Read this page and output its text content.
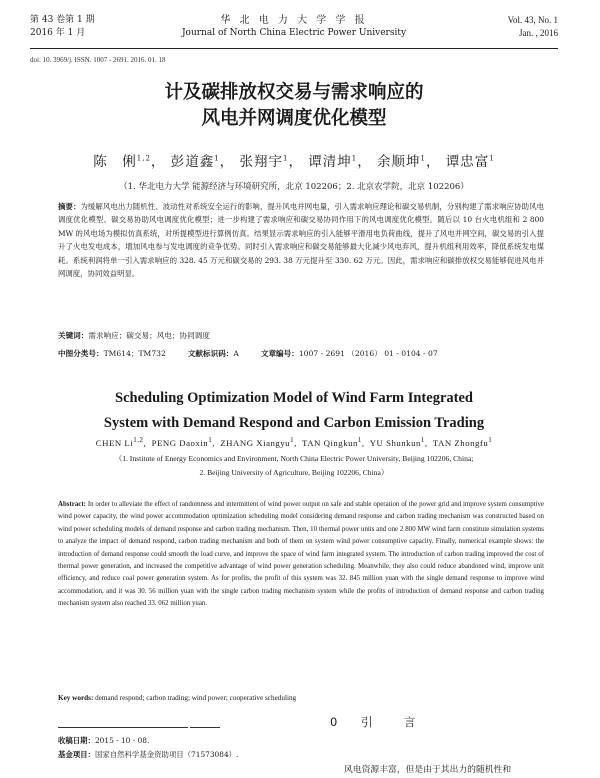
第 43 卷第 1 期
2016 年 1 月
华 北 电 力 大 学 学 报
Journal of North China Electric Power University
Vol. 43, No. 1
Jan. , 2016
doi: 10. 3969/j. ISSN. 1007 - 2691. 2016. 01. 18
计及碳排放权交易与需求响应的
风电并网调度优化模型
陈　俐$^{1,2}$， 彭道鑫$^1$， 张翔宇$^1$， 谭清坤$^1$， 余顺坤$^1$， 谭忠富$^1$
（1. 华北电力大学 能源经济与环境研究所，北京 102206；2. 北京农学院，北京 102206）
摘要：为缓解风电出力随机性、波动性对系统安全运行的影响，提升风电并网电量，引入需求响应理论和碳交易机制，分别构建了需求响应协助风电调度优化模型、碳交易协助风电调度优化模型；进一步构建了需求响应和碳交易协同作用下的风电调度优化模型。随后以 10 台火电机组和 2 800 MW 的风电场为模拟仿真系统，对所提模型进行算例仿真。结果显示需求响应的引入能够平滑用电负荷曲线，提升了风电并网空间，碳交易的引入提升了火电发电成本，增加风电参与发电调度的竞争优势。同时引入需求响应和碳交易能够最大化减少风电弃风，提升机组利用效率，降低系统发电煤耗。系统利润将单一引入需求响应的 328. 45 万元和碳交易的 293. 38 万元提升至 330. 62 万元。因此，需求响应和碳排放权交易能够促进风电并网调度，协同效益明显。
关键词：需求响应；碳交易；风电；协同调度
中图分类号：TM614；TM732	文献标识码：A	文章编号：1007 - 2691 （2016） 01 - 0104 - 07
Scheduling Optimization Model of Wind Farm Integrated
System with Demand Respond and Carbon Emission Trading
CHEN Li$^{1,2}$,  PENG Daoxin$^1$,  ZHANG Xiangyu$^1$,  TAN Qingkun$^1$,  YU Shunkun$^1$,  TAN Zhongfu$^1$
（1. Institute of Energy Economics and Environment, North China Electric Power University, Beijing 102206, China;
2. Beijing University of Agriculture, Beijing 102206, China）
Abstract: In order to alleviate the effect of randomness and intermittent of wind power output on safe and stable operation of the power grid and improve system consumptive wind power capacity, the wind power accommodation optimization scheduling model considering demand response and carbon trading mechanism was constructed based on wind power scheduling models of demand response and carbon trading mechanism. Then, 10 thermal power units and one 2 800 MW wind farm constitute simulation systems to analyze the impact of demand respond, carbon trading mechanism and both of them on system wind power consumptive capacity. Finally, numerical example shows: the introduction of demand response could smooth the load curve, and improve the space of wind farm integrated system. The introduction of carbon trading improved the cost of thermal power generation, and increased the competitive advantage of wind power generation scheduling. Meanwhile, they also could reduce abandoned wind, improve unit efficiency, and reduce coal power generation system. As for profits, the profit of this system was 32. 845 million yuan with the single demand response to improve wind accommodation, and it was 30. 56 million yuan with the single carbon trading mechanism system while the profits of introduction of demand response and carbon trading mechanism system also reached 33. 062 million yuan.
Key words: demand respond; carbon trading; wind power; cooperative scheduling
收稿日期：2015 - 10 - 08.
基金项目：国家自然科学基金资助项目（71573084）.
0 引　言
风电资源丰富，但是由于其出力的随机性和
